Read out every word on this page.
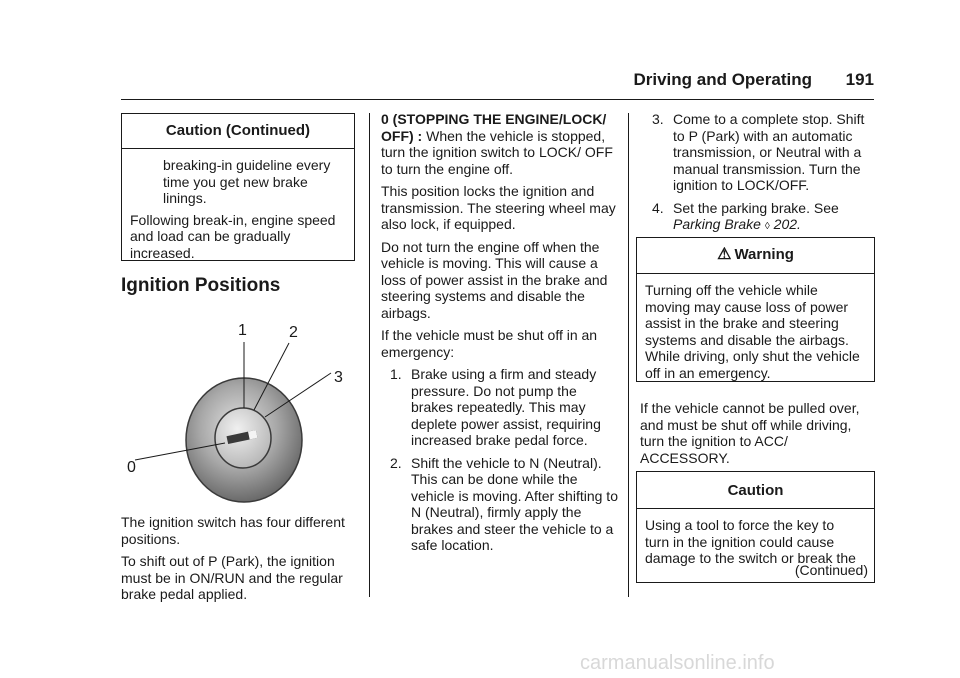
Driving and Operating 191
Caution (Continued)
breaking-in guideline every time you get new brake linings.
Following break-in, engine speed and load can be gradually increased.
Ignition Positions
0
1	2
3

The ignition switch has four different positions.

To shift out of P (Park), the ignition must be in ON/RUN and the regular brake pedal applied.

0 (STOPPING THE ENGINE/LOCK/ OFF) : When the vehicle is stopped, turn the ignition switch to LOCK/ OFF to turn the engine off.

This position locks the ignition and transmission. The steering wheel may also lock, if equipped.

Do not turn the engine off when the vehicle is moving. This will cause a loss of power assist in the brake and steering systems and disable the airbags.

If the vehicle must be shut off in an emergency:

1. Brake using a firm and steady pressure. Do not pump the brakes repeatedly. This may deplete power assist, requiring increased brake pedal force.
2. Shift the vehicle to N (Neutral). This can be done while the vehicle is moving. After shifting to N (Neutral), firmly apply the brakes and steer the vehicle to a safe location.
3. Come to a complete stop. Shift to P (Park) with an automatic transmission, or Neutral with a manual transmission. Turn the ignition to LOCK/OFF.
4. Set the parking brake. See
Parking Brake ◊ 202.
⚠ Warning
Turning off the vehicle while moving may cause loss of power assist in the brake and steering systems and disable the airbags. While driving, only shut the vehicle off in an emergency.
If the vehicle cannot be pulled over, and must be shut off while driving, turn the ignition to ACC/ ACCESSORY.
Caution
Using a tool to force the key to turn in the ignition could cause damage to the switch or break the
(Continued)
carmanualsonline.info
